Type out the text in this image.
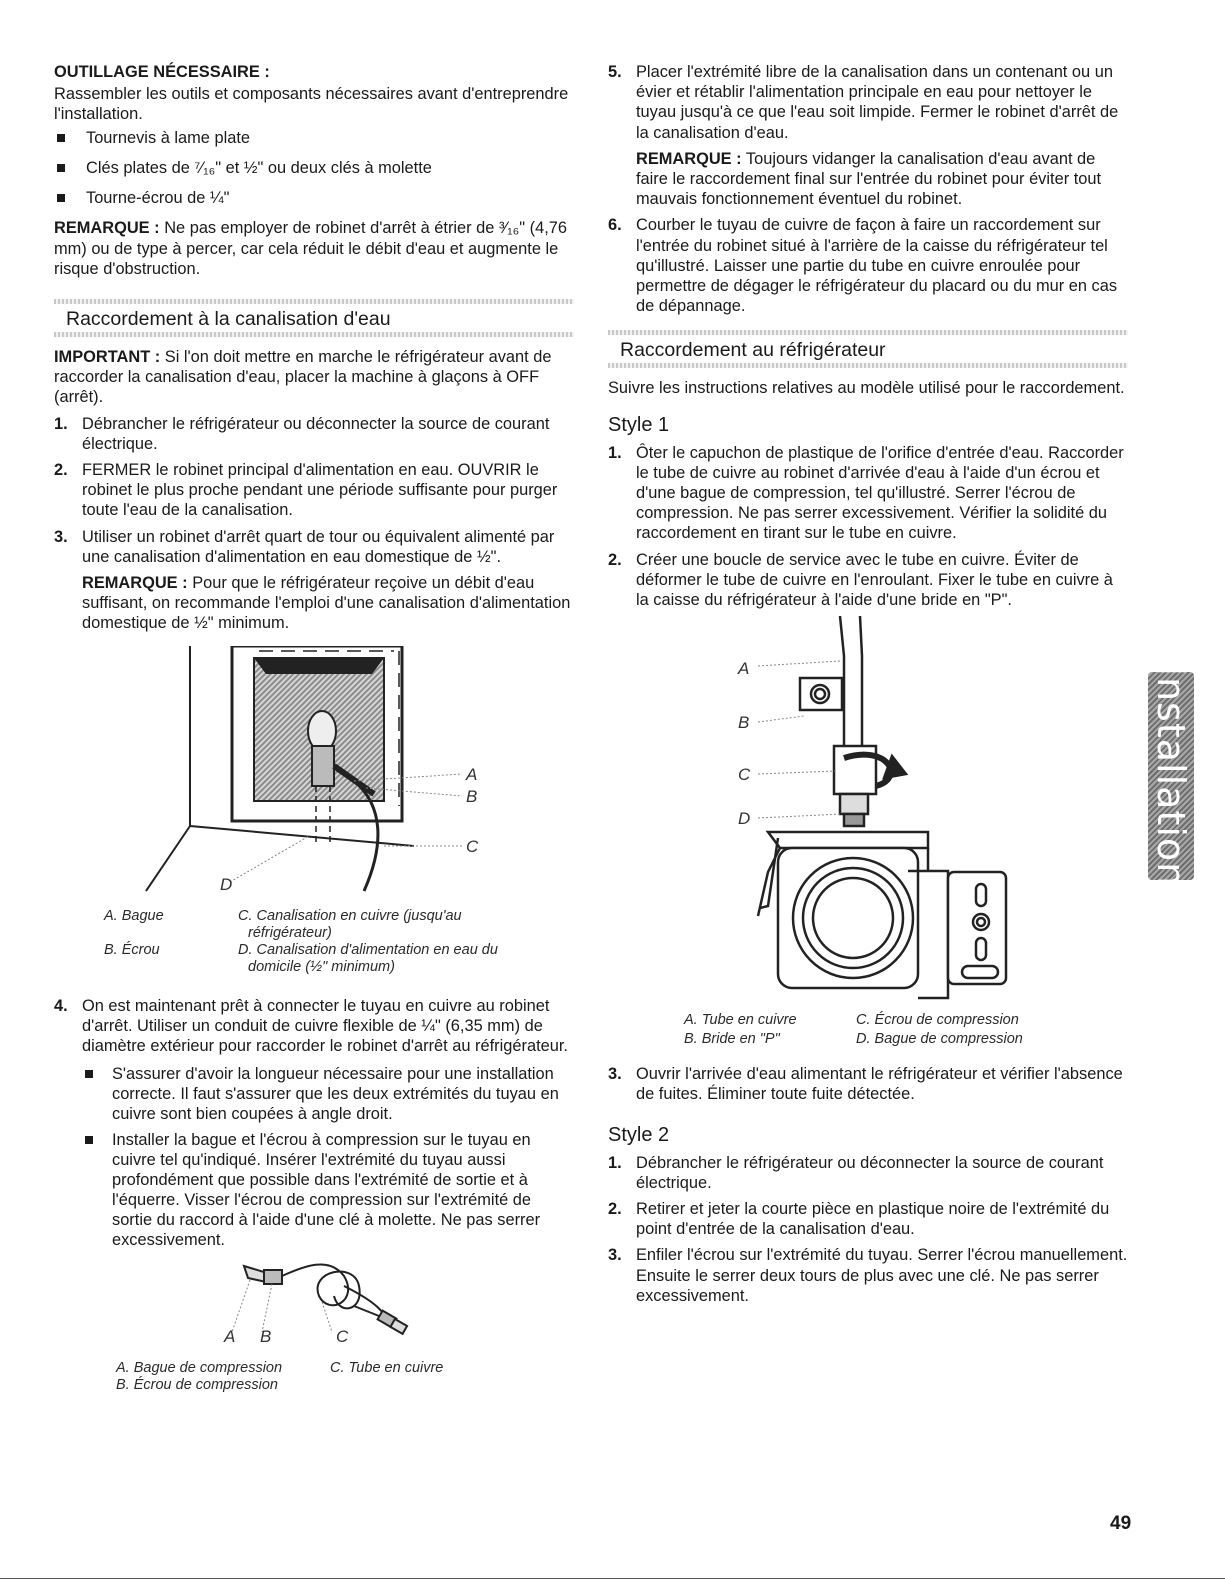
OUTILLAGE NÉCESSAIRE :

Rassembler les outils et composants nécessaires avant d'entreprendre l'installation.

Tournevis à lame plate
Clés plates de ⁷⁄₁₆" et ½" ou deux clés à molette
Tourne-écrou de ¼"

REMARQUE : Ne pas employer de robinet d'arrêt à étrier de ³⁄₁₆" (4,76 mm) ou de type à percer, car cela réduit le débit d'eau et augmente le risque d'obstruction.

Raccordement à la canalisation d'eau

IMPORTANT : Si l'on doit mettre en marche le réfrigérateur avant de raccorder la canalisation d'eau, placer la machine à glaçons à OFF (arrêt).

1. Débrancher le réfrigérateur ou déconnecter la source de courant électrique.
2. FERMER le robinet principal d'alimentation en eau. OUVRIR le robinet le plus proche pendant une période suffisante pour purger toute l'eau de la canalisation.
3. Utiliser un robinet d'arrêt quart de tour ou équivalent alimenté par une canalisation d'alimentation en eau domestique de ½".

REMARQUE : Pour que le réfrigérateur reçoive un débit d'eau suffisant, on recommande l'emploi d'une canalisation d'alimentation domestique de ½" minimum.

A
B
C
D
A. Bague	C. Canalisation en cuivre (jusqu'au réfrigérateur)
B. Écrou	D. Canalisation d'alimentation en eau du domicile (½" minimum)
4. On est maintenant prêt à connecter le tuyau en cuivre au robinet d'arrêt. Utiliser un conduit de cuivre flexible de ¼" (6,35 mm) de diamètre extérieur pour raccorder le robinet d'arrêt au réfrigérateur.
S'assurer d'avoir la longueur nécessaire pour une installation correcte. Il faut s'assurer que les deux extrémités du tuyau en cuivre sont bien coupées à angle droit.
Installer la bague et l'écrou à compression sur le tuyau en cuivre tel qu'indiqué. Insérer l'extrémité du tuyau aussi profondément que possible dans l'extrémité de sortie et à l'équerre. Visser l'écrou de compression sur l'extrémité de sortie du raccord à l'aide d'une clé à molette. Ne pas serrer excessivement.
A B	C
A. Bague de compression	C. Tube en cuivre
B. Écrou de compression
5. Placer l'extrémité libre de la canalisation dans un contenant ou un évier et rétablir l'alimentation principale en eau pour nettoyer le tuyau jusqu'à ce que l'eau soit limpide. Fermer le robinet d'arrêt de la canalisation d'eau.

REMARQUE : Toujours vidanger la canalisation d'eau avant de faire le raccordement final sur l'entrée du robinet pour éviter tout mauvais fonctionnement éventuel du robinet.

6. Courber le tuyau de cuivre de façon à faire un raccordement sur l'entrée du robinet situé à l'arrière de la caisse du réfrigérateur tel qu'illustré. Laisser une partie du tube en cuivre enroulée pour permettre de dégager le réfrigérateur du placard ou du mur en cas de dépannage.
Raccordement au réfrigérateur

Suivre les instructions relatives au modèle utilisé pour le raccordement.

Style 1
1. Ôter le capuchon de plastique de l'orifice d'entrée d'eau. Raccorder le tube de cuivre au robinet d'arrivée d'eau à l'aide d'un écrou et d'une bague de compression, tel qu'illustré. Serrer l'écrou de compression. Ne pas serrer excessivement. Vérifier la solidité du raccordement en tirant sur le tube en cuivre.
2. Créer une boucle de service avec le tube en cuivre. Éviter de déformer le tube de cuivre en l'enroulant. Fixer le tube en cuivre à la caisse du réfrigérateur à l'aide d'une bride en "P".
A
B
C
D
A. Tube en cuivre	C. Écrou de compression
B. Bride en "P"	D. Bague de compression
3. Ouvrir l'arrivée d'eau alimentant le réfrigérateur et vérifier l'absence de fuites. Éliminer toute fuite détectée.
Style 2
1. Débrancher le réfrigérateur ou déconnecter la source de courant électrique.
2. Retirer et jeter la courte pièce en plastique noire de l'extrémité du point d'entrée de la canalisation d'eau.
3. Enfiler l'écrou sur l'extrémité du tuyau. Serrer l'écrou manuellement. Ensuite le serrer deux tours de plus avec une clé. Ne pas serrer excessivement.
Installation
49
